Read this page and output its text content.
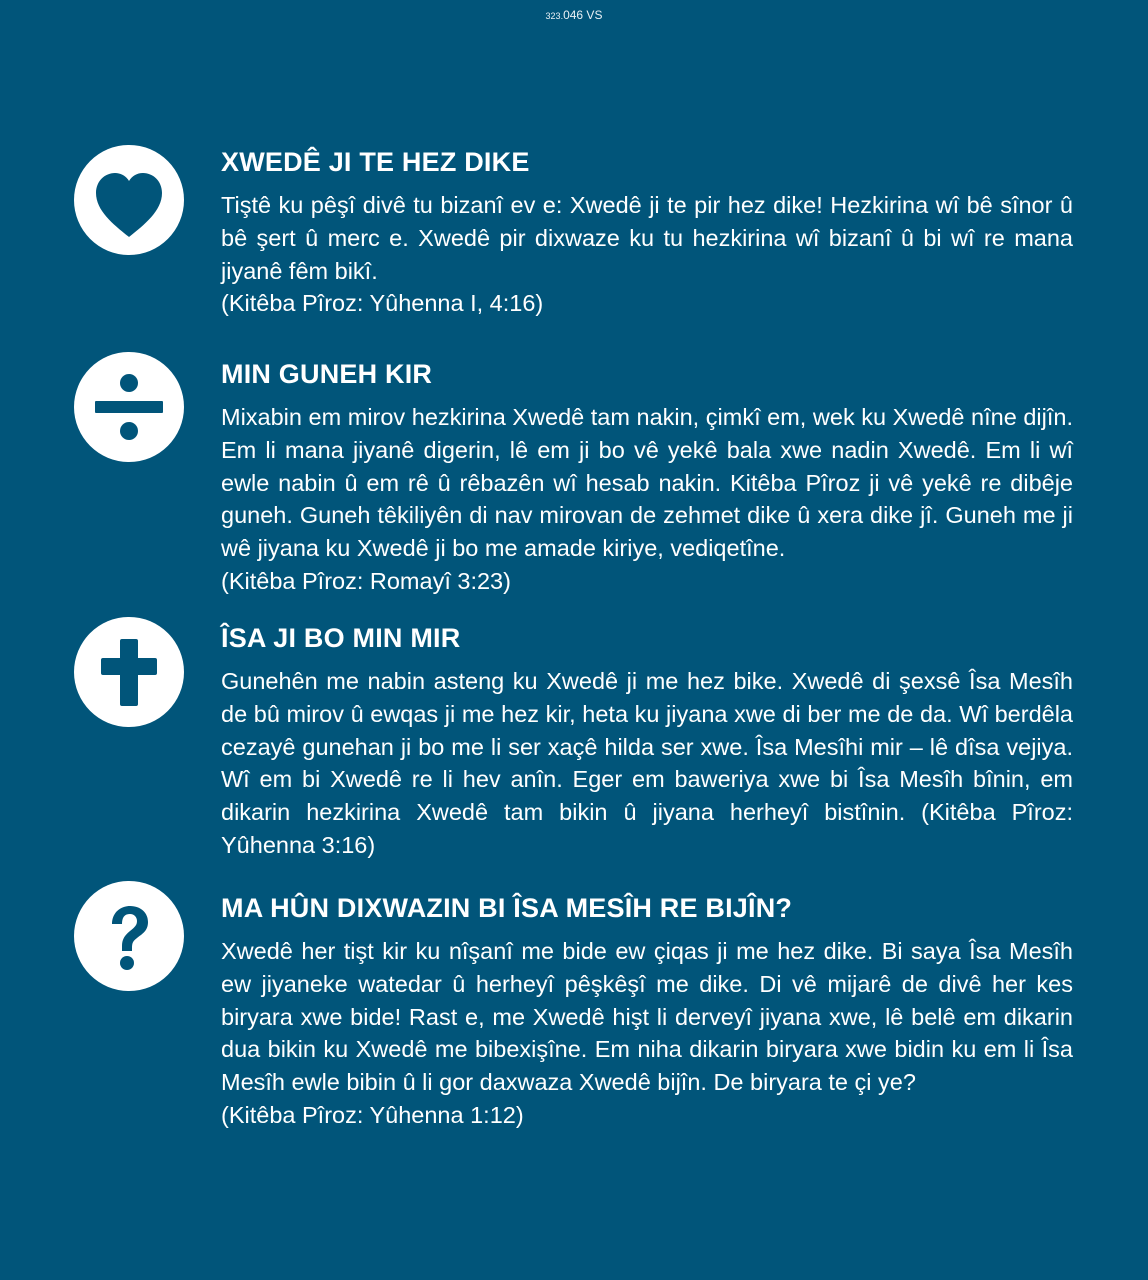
323.046 VS
XWEDÊ JI TE HEZ DIKE

Tiştê ku pêşî divê tu bizanî ev e: Xwedê ji te pir hez dike! Hezkirina wî bê sînor û bê şert û merc e. Xwedê pir dixwaze ku tu hezkirina wî bizanî û bi wî re mana jiyanê fêm bikî.

(Kitêba Pîroz: Yûhenna I, 4:16)

MIN GUNEH KIR

Mixabin em mirov hezkirina Xwedê tam nakin, çimkî em, wek ku Xwedê nîne dijîn. Em li mana jiyanê digerin, lê em ji bo vê yekê bala xwe nadin Xwedê. Em li wî ewle nabin û em rê û rêbazên wî hesab nakin. Kitêba Pîroz ji vê yekê re dibêje guneh. Guneh têkiliyên di nav mirovan de zehmet dike û xera dike jî. Guneh me ji wê jiyana ku Xwedê ji bo me amade kiriye, vediqetîne.

(Kitêba Pîroz: Romayî 3:23)

ÎSA JI BO MIN MIR

Gunehên me nabin asteng ku Xwedê ji me hez bike. Xwedê di şexsê Îsa Mesîh de bû mirov û ewqas ji me hez kir, heta ku jiyana xwe di ber me de da. Wî berdêla cezayê gunehan ji bo me li ser xaçê hilda ser xwe. Îsa Mesîhi mir – lê dîsa vejiya. Wî em bi Xwedê re li hev anîn. Eger em baweriya xwe bi Îsa Mesîh bînin, em dikarin hezkirina Xwedê tam bikin û jiyana herheyî bistînin. (Kitêba Pîroz: Yûhenna 3:16)

MA HÛN DIXWAZIN BI ÎSA MESÎH RE BIJÎN?

Xwedê her tişt kir ku nîşanî me bide ew çiqas ji me hez dike. Bi saya Îsa Mesîh ew jiyaneke watedar û herheyî pêşkêşî me dike. Di vê mijarê de divê her kes biryara xwe bide! Rast e, me Xwedê hişt li derveyî jiyana xwe, lê belê em dikarin dua bikin ku Xwedê me bibexişîne. Em niha dikarin biryara xwe bidin ku em li Îsa Mesîh ewle bibin û li gor daxwaza Xwedê bijîn. De biryara te çi ye?

(Kitêba Pîroz: Yûhenna 1:12)
